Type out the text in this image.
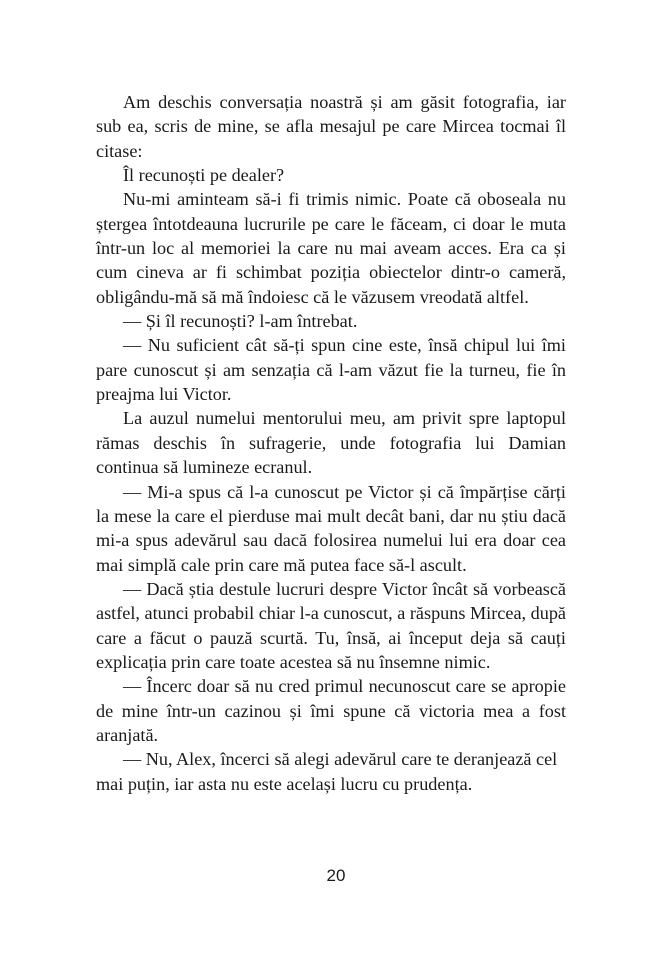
Am deschis conversația noastră și am găsit fotografia, iar sub ea, scris de mine, se afla mesajul pe care Mircea tocmai îl citase:

Îl recunoști pe dealer?

Nu-mi aminteam să-i fi trimis nimic. Poate că oboseala nu ștergea întotdeauna lucrurile pe care le făceam, ci doar le muta într-un loc al memoriei la care nu mai aveam acces. Era ca și cum cineva ar fi schimbat poziția obiectelor dintr-o cameră, obligându-mă să mă îndoiesc că le văzusem vreodată altfel.

— Și îl recunoști? l-am întrebat.

— Nu suficient cât să-ți spun cine este, însă chipul lui îmi pare cunoscut și am senzația că l-am văzut fie la turneu, fie în preajma lui Victor.

La auzul numelui mentorului meu, am privit spre laptopul rămas deschis în sufragerie, unde fotografia lui Damian continua să lumineze ecranul.

— Mi-a spus că l-a cunoscut pe Victor și că împărțise cărți la mese la care el pierduse mai mult decât bani, dar nu știu dacă mi-a spus adevărul sau dacă folosirea numelui lui era doar cea mai simplă cale prin care mă putea face să-l ascult.

— Dacă știa destule lucruri despre Victor încât să vorbească astfel, atunci probabil chiar l-a cunoscut, a răspuns Mircea, după care a făcut o pauză scurtă. Tu, însă, ai început deja să cauți explicația prin care toate acestea să nu însemne nimic.

— Încerc doar să nu cred primul necunoscut care se apropie de mine într-un cazinou și îmi spune că victoria mea a fost aranjată.

— Nu, Alex, încerci să alegi adevărul care te deranjează cel mai puțin, iar asta nu este același lucru cu prudența.

20
